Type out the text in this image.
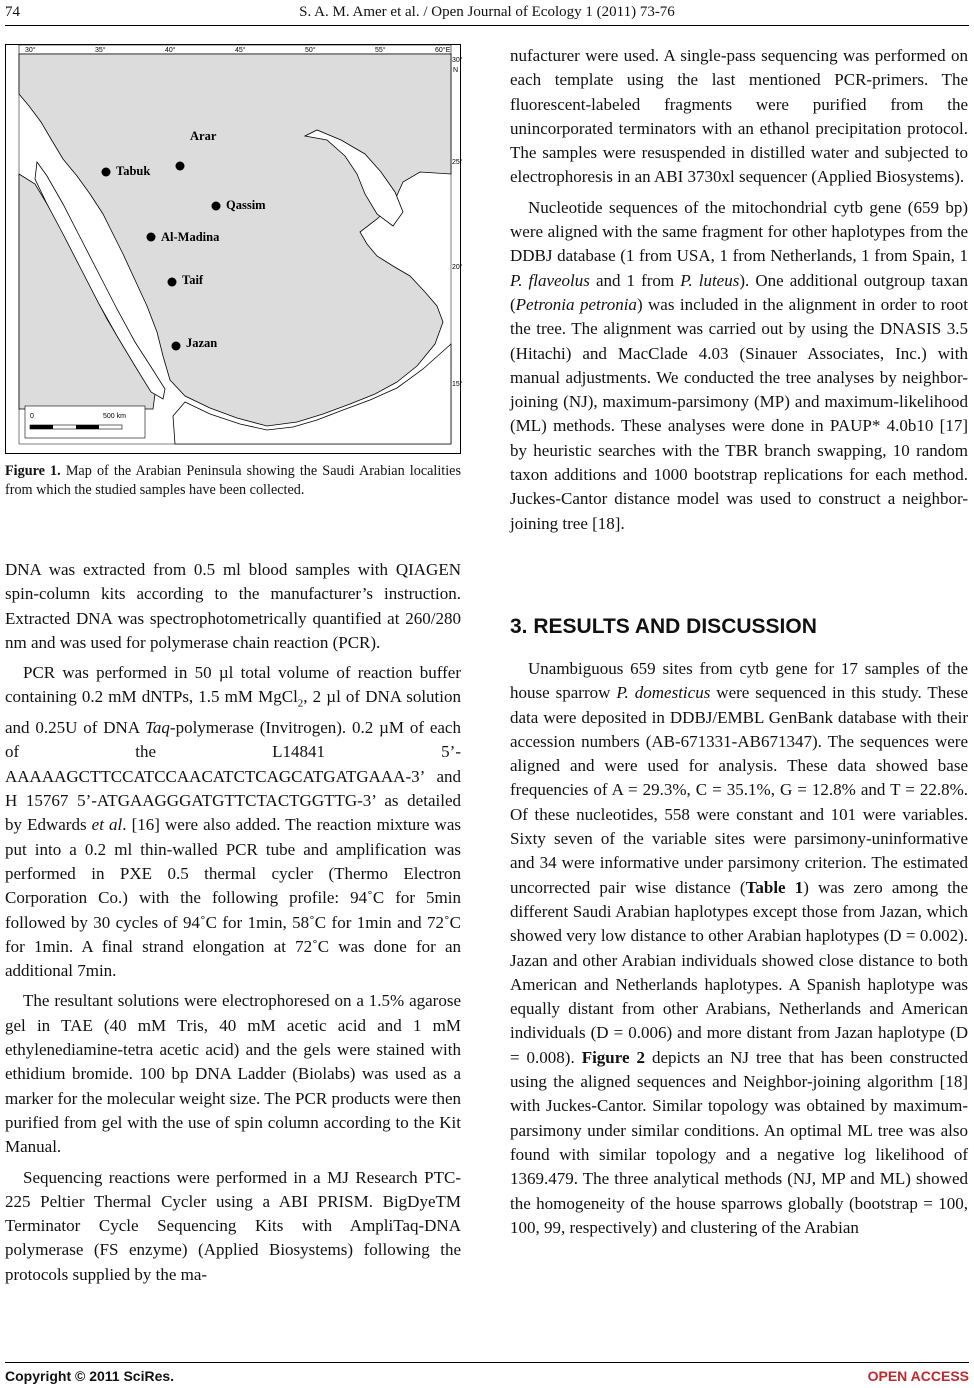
74	S. A. M. Amer et al. / Open Journal of Ecology 1 (2011) 73-76
30°	35°	40°	45°	50°	55°	60°E
N
30°
25°
20°
15°
Arar
Tabuk
Qassim
Al-Madina
Taif
Jazan
0	500 km
Figure 1. Map of the Arabian Peninsula showing the Saudi Arabian localities from which the studied samples have been collected.

DNA was extracted from 0.5 ml blood samples with QIAGEN spin-column kits according to the manufacturer’s instruction. Extracted DNA was spectrophotometrically quantified at 260/280 nm and was used for polymerase chain reaction (PCR).

PCR was performed in 50 µl total volume of reaction buffer containing 0.2 mM dNTPs, 1.5 mM MgCl$_2$, 2 µl of DNA solution and 0.25U of DNA Taq-polymerase (Invitrogen). 0.2 µM of each of the L14841 5’-AAAAAGCTTCCATCCAACATCTCAGCATGATGAAA-3’ and H 15767 5’-ATGAAGGGATGTTCTACTGGTTG-3’ as detailed by Edwards et al. [16] were also added. The reaction mixture was put into a 0.2 ml thin-walled PCR tube and amplification was performed in PXE 0.5 thermal cycler (Thermo Electron Corporation Co.) with the following profile: 94˚C for 5min followed by 30 cycles of 94˚C for 1min, 58˚C for 1min and 72˚C for 1min. A final strand elongation at 72˚C was done for an additional 7min.

The resultant solutions were electrophoresed on a 1.5% agarose gel in TAE (40 mM Tris, 40 mM acetic acid and 1 mM ethylenediamine-tetra acetic acid) and the gels were stained with ethidium bromide. 100 bp DNA Ladder (Biolabs) was used as a marker for the molecular weight size. The PCR products were then purified from gel with the use of spin column according to the Kit Manual.

Sequencing reactions were performed in a MJ Research PTC-225 Peltier Thermal Cycler using a ABI PRISM. BigDyeTM Terminator Cycle Sequencing Kits with AmpliTaq-DNA polymerase (FS enzyme) (Applied Biosystems) following the protocols supplied by the ma-

nufacturer were used. A single-pass sequencing was performed on each template using the last mentioned PCR-primers. The fluorescent-labeled fragments were purified from the unincorporated terminators with an ethanol precipitation protocol. The samples were resuspended in distilled water and subjected to electrophoresis in an ABI 3730xl sequencer (Applied Biosystems).

Nucleotide sequences of the mitochondrial cytb gene (659 bp) were aligned with the same fragment for other haplotypes from the DDBJ database (1 from USA, 1 from Netherlands, 1 from Spain, 1 P. flaveolus and 1 from P. luteus). One additional outgroup taxan (Petronia petronia) was included in the alignment in order to root the tree. The alignment was carried out by using the DNASIS 3.5 (Hitachi) and MacClade 4.03 (Sinauer Associates, Inc.) with manual adjustments. We conducted the tree analyses by neighbor-joining (NJ), maximum-parsimony (MP) and maximum-likelihood (ML) methods. These analyses were done in PAUP* 4.0b10 [17] by heuristic searches with the TBR branch swapping, 10 random taxon additions and 1000 bootstrap replications for each method. Juckes-Cantor distance model was used to construct a neighbor-joining tree [18].

3. RESULTS AND DISCUSSION

Unambiguous 659 sites from cytb gene for 17 samples of the house sparrow P. domesticus were sequenced in this study. These data were deposited in DDBJ/EMBL GenBank database with their accession numbers (AB-671331-AB671347). The sequences were aligned and were used for analysis. These data showed base frequencies of A = 29.3%, C = 35.1%, G = 12.8% and T = 22.8%. Of these nucleotides, 558 were constant and 101 were variables. Sixty seven of the variable sites were parsimony-uninformative and 34 were informative under parsimony criterion. The estimated uncorrected pair wise distance (Table 1) was zero among the different Saudi Arabian haplotypes except those from Jazan, which showed very low distance to other Arabian haplotypes (D = 0.002). Jazan and other Arabian individuals showed close distance to both American and Netherlands haplotypes. A Spanish haplotype was equally distant from other Arabians, Netherlands and American individuals (D = 0.006) and more distant from Jazan haplotype (D = 0.008). Figure 2 depicts an NJ tree that has been constructed using the aligned sequences and Neighbor-joining algorithm [18] with Juckes-Cantor. Similar topology was obtained by maximum-parsimony under similar conditions. An optimal ML tree was also found with similar topology and a negative log likelihood of 1369.479. The three analytical methods (NJ, MP and ML) showed the homogeneity of the house sparrows globally (bootstrap = 100, 100, 99, respectively) and clustering of the Arabian

Copyright © 2011 SciRes.	OPEN ACCESS
